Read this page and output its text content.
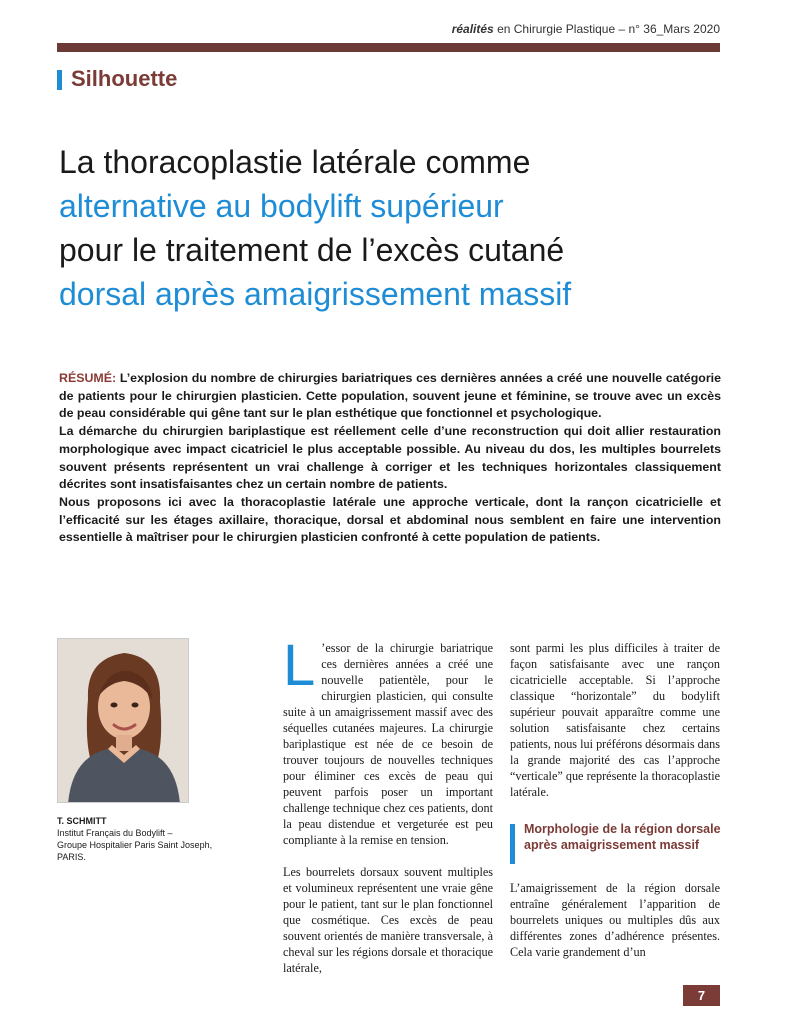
réalités en Chirurgie Plastique – n° 36_Mars 2020
Silhouette
La thoracoplastie latérale comme
alternative au bodylift supérieur
pour le traitement de l’excès cutané
dorsal après amaigrissement massif

RÉSUMÉ: L’explosion du nombre de chirurgies bariatriques ces dernières années a créé une nouvelle catégorie de patients pour le chirurgien plasticien. Cette population, souvent jeune et féminine, se trouve avec un excès de peau considérable qui gêne tant sur le plan esthétique que fonctionnel et psychologique.

La démarche du chirurgien bariplastique est réellement celle d’une reconstruction qui doit allier restauration morphologique avec impact cicatriciel le plus acceptable possible. Au niveau du dos, les multiples bourrelets souvent présents représentent un vrai challenge à corriger et les techniques horizontales classiquement décrites sont insatisfaisantes chez un certain nombre de patients.

Nous proposons ici avec la thoracoplastie latérale une approche verticale, dont la rançon cicatricielle et l’efficacité sur les étages axillaire, thoracique, dorsal et abdominal nous semblent en faire une intervention essentielle à maîtriser pour le chirurgien plasticien confronté à cette population de patients.

T. SCHMITT
Institut Français du Bodylift –
Groupe Hospitalier Paris Saint Joseph,
PARIS.

L ’essor de la chirurgie bariatrique ces dernières années a créé une nouvelle patientèle, pour le chirurgien plasticien, qui consulte suite à un amaigrissement massif avec des séquelles cutanées majeures. La chirurgie bariplastique est née de ce besoin de trouver toujours de nouvelles techniques pour éliminer ces excès de peau qui peuvent parfois poser un important challenge technique chez ces patients, dont la peau distendue et vergeturée est peu compliante à la remise en tension.

Les bourrelets dorsaux souvent multiples et volumineux représentent une vraie gêne pour le patient, tant sur le plan fonctionnel que cosmétique. Ces excès de peau souvent orientés de manière transversale, à cheval sur les régions dorsale et thoracique latérale,

sont parmi les plus difficiles à traiter de façon satisfaisante avec une rançon cicatricielle acceptable. Si l’approche classique “horizontale” du bodylift supérieur pouvait apparaître comme une solution satisfaisante chez certains patients, nous lui préférons désormais dans la grande majorité des cas l’approche “verticale” que représente la thoracoplastie latérale.

Morphologie de la région dorsale après amaigrissement massif

L’amaigrissement de la région dorsale entraîne généralement l’apparition de bourrelets uniques ou multiples dûs aux différentes zones d’adhérence présentes. Cela varie grandement d’un

7
